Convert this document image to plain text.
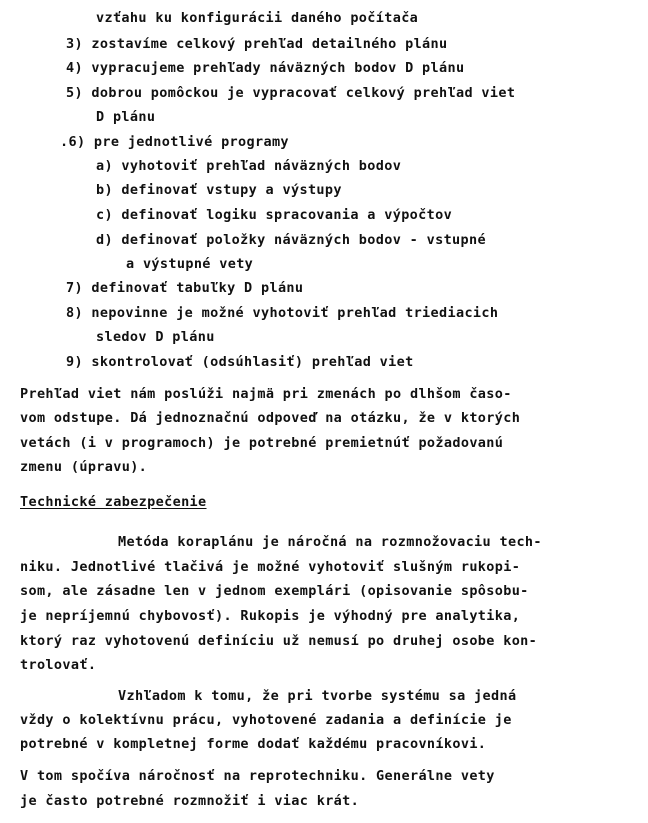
vzťahu ku konfigurácii daného počítača
3) zostavíme celkový prehľad detailného plánu
4) vypracujeme prehľady náväzných bodov D plánu
5) dobrou pomôckou je vypracovať celkový prehľad viet
D plánu
.6) pre jednotlivé programy
a) vyhotoviť prehľad náväzných bodov
b) definovať vstupy a výstupy
c) definovať logiku spracovania a výpočtov
d) definovať položky náväzných bodov - vstupné
a výstupné vety
7) definovať tabuľky D plánu
8) nepovinne je možné vyhotoviť prehľad triediacich
sledov D plánu
9) skontrolovať (odsúhlasiť) prehľad viet
Prehľad viet nám poslúži najmä pri zmenách po dlhšom časo-
vom odstupe. Dá jednoznačnú odpoveď na otázku, že v ktorých
vetách (i v programoch) je potrebné premietnúť požadovanú
zmenu (úpravu).
Technické zabezpečenie
Metóda koraplánu je náročná na rozmnožovaciu tech-
niku. Jednotlivé tlačivá je možné vyhotoviť slušným rukopi-
som, ale zásadne len v jednom exemplári (opisovanie spôsobu-
je nepríjemnú chybovosť). Rukopis je výhodný pre analytika,
ktorý raz vyhotovenú definíciu už nemusí po druhej osobe kon-
trolovať.
Vzhľadom k tomu, že pri tvorbe systému sa jedná
vždy o kolektívnu prácu, vyhotovené zadania a definície je
potrebné v kompletnej forme dodať každému pracovníkovi.
V tom spočíva náročnosť na reprotechniku. Generálne vety
je často potrebné rozmnožiť i viac krát.
